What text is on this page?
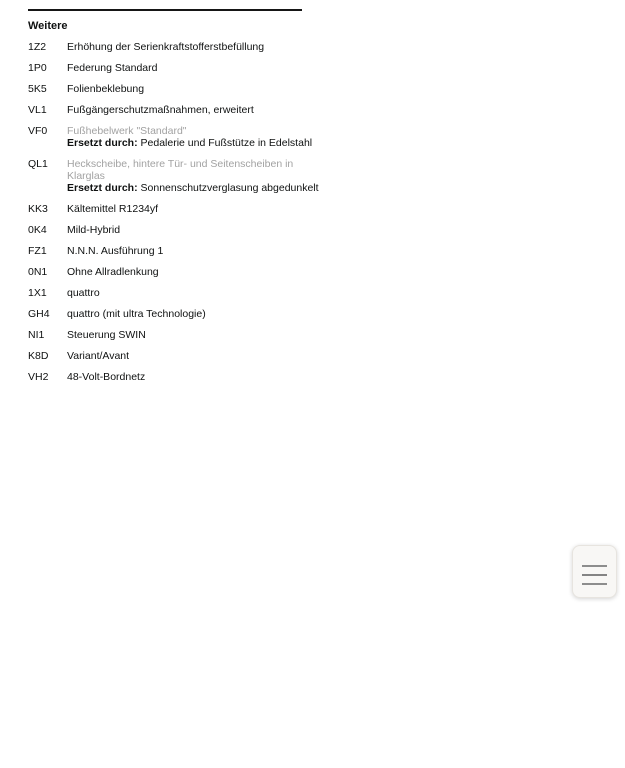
Weitere
1Z2	Erhöhung der Serienkraftstofferstbefüllung
1P0	Federung Standard
5K5	Folienbeklebung
VL1	Fußgängerschutzmaßnahmen, erweitert
VF0	Fußhebelwerk "Standard"
Ersetzt durch: Pedalerie und Fußstütze in Edelstahl
QL1	Heckscheibe, hintere Tür- und Seitenscheiben in Klarglas
Ersetzt durch: Sonnenschutzverglasung abgedunkelt
KK3	Kältemittel R1234yf
0K4	Mild-Hybrid
FZ1	N.N.N. Ausführung 1
0N1	Ohne Allradlenkung
1X1	quattro
GH4	quattro (mit ultra Technologie)
NI1	Steuerung SWIN
K8D	Variant/Avant
VH2	48-Volt-Bordnetz
